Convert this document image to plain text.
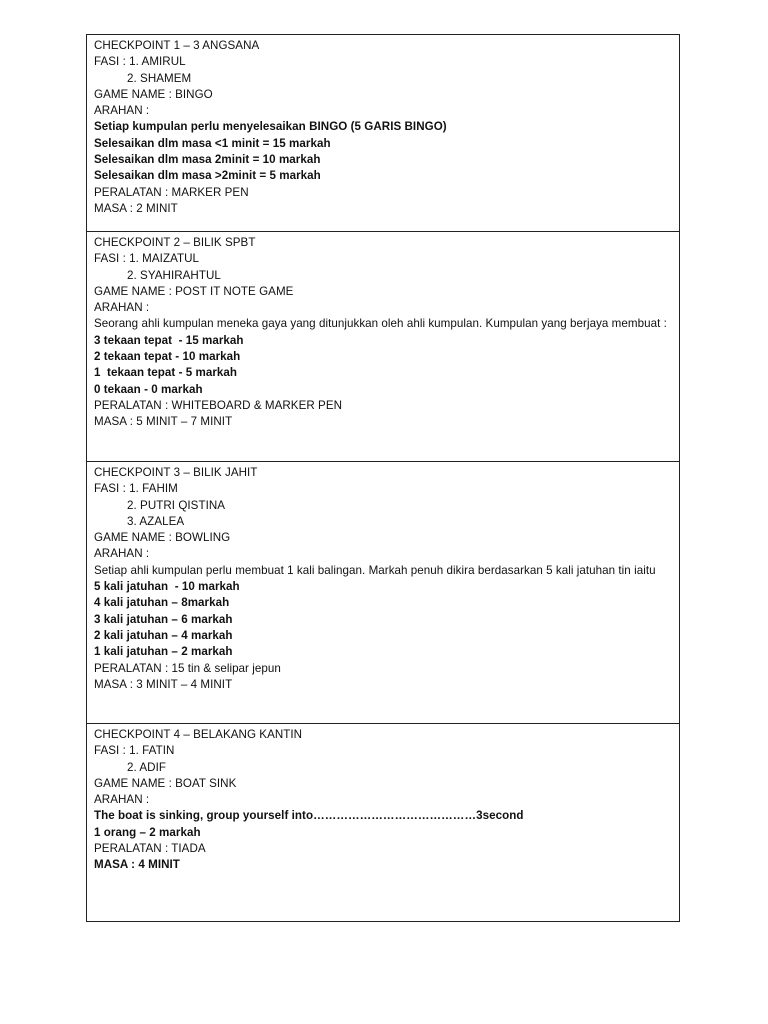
CHECKPOINT 1 – 3 ANGSANA
FASI : 1. AMIRUL
2. SHAMEM
GAME NAME : BINGO
ARAHAN :
Setiap kumpulan perlu menyelesaikan BINGO (5 GARIS BINGO)
Selesaikan dlm masa <1 minit = 15 markah
Selesaikan dlm masa 2minit = 10 markah
Selesaikan dlm masa >2minit = 5 markah
PERALATAN : MARKER PEN
MASA : 2 MINIT
CHECKPOINT 2 – BILIK SPBT
FASI : 1. MAIZATUL
2. SYAHIRAHTUL
GAME NAME : POST IT NOTE GAME
ARAHAN :
Seorang ahli kumpulan meneka gaya yang ditunjukkan oleh ahli kumpulan. Kumpulan yang berjaya membuat :
3 tekaan tepat  - 15 markah
2 tekaan tepat - 10 markah
1  tekaan tepat - 5 markah
0 tekaan - 0 markah
PERALATAN : WHITEBOARD & MARKER PEN
MASA : 5 MINIT – 7 MINIT
CHECKPOINT 3 – BILIK JAHIT
FASI : 1. FAHIM
2. PUTRI QISTINA
3. AZALEA
GAME NAME : BOWLING
ARAHAN :
Setiap ahli kumpulan perlu membuat 1 kali balingan. Markah penuh dikira berdasarkan 5 kali jatuhan tin iaitu
5 kali jatuhan  - 10 markah
4 kali jatuhan – 8markah
3 kali jatuhan – 6 markah
2 kali jatuhan – 4 markah
1 kali jatuhan – 2 markah
PERALATAN : 15 tin & selipar jepun
MASA : 3 MINIT – 4 MINIT
CHECKPOINT 4 – BELAKANG KANTIN
FASI : 1. FATIN
2. ADIF
GAME NAME : BOAT SINK
ARAHAN :
The boat is sinking, group yourself into……………………………………3second
1 orang – 2 markah
PERALATAN : TIADA
MASA : 4 MINIT
